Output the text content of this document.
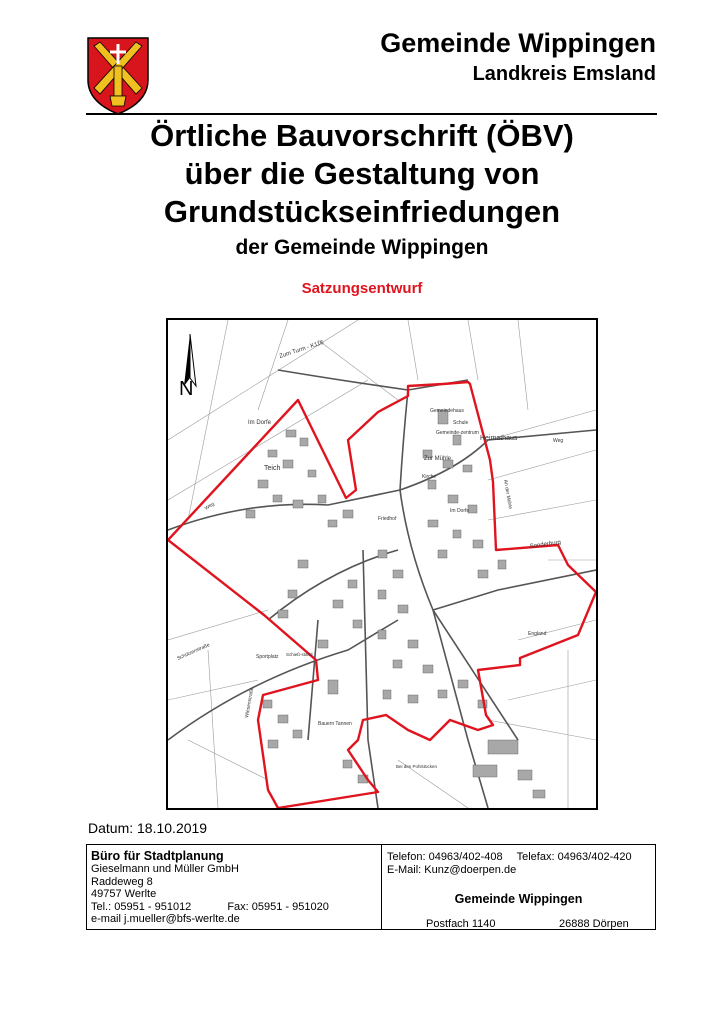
Gemeinde Wippingen
Landkreis Emsland
Örtliche Bauvorschrift (ÖBV)
über die Gestaltung von
Grundstückseinfriedungen
der Gemeinde Wippingen
Satzungsentwurf
N
Zum Turm - K116
Im Dorfe
Teich
Gemeindehaus
Schule
Gemeinde-zentrum
Heimathaus
Zur Mühle
Kirche
Im Dorfe
Friedhof
An der Mühle
Sonderburg
England
Weg
Sportplatz Schieß-stand
Bauern Tannen
Bei den Pohlstücken
Schützenstraße
Wiesenstraße
Weg
Datum: 18.10.2019
Büro für Stadtplanung
Gieselmann und Müller GmbH
Raddeweg 8
49757 Werlte
Tel.: 05951 - 951012	Fax: 05951 - 951020
e-mail j.mueller@bfs-werlte.de
Telefon: 04963/402-408 Telefax: 04963/402-420
E-Mail: Kunz@doerpen.de
Gemeinde Wippingen
Postfach 1140	26888 Dörpen
